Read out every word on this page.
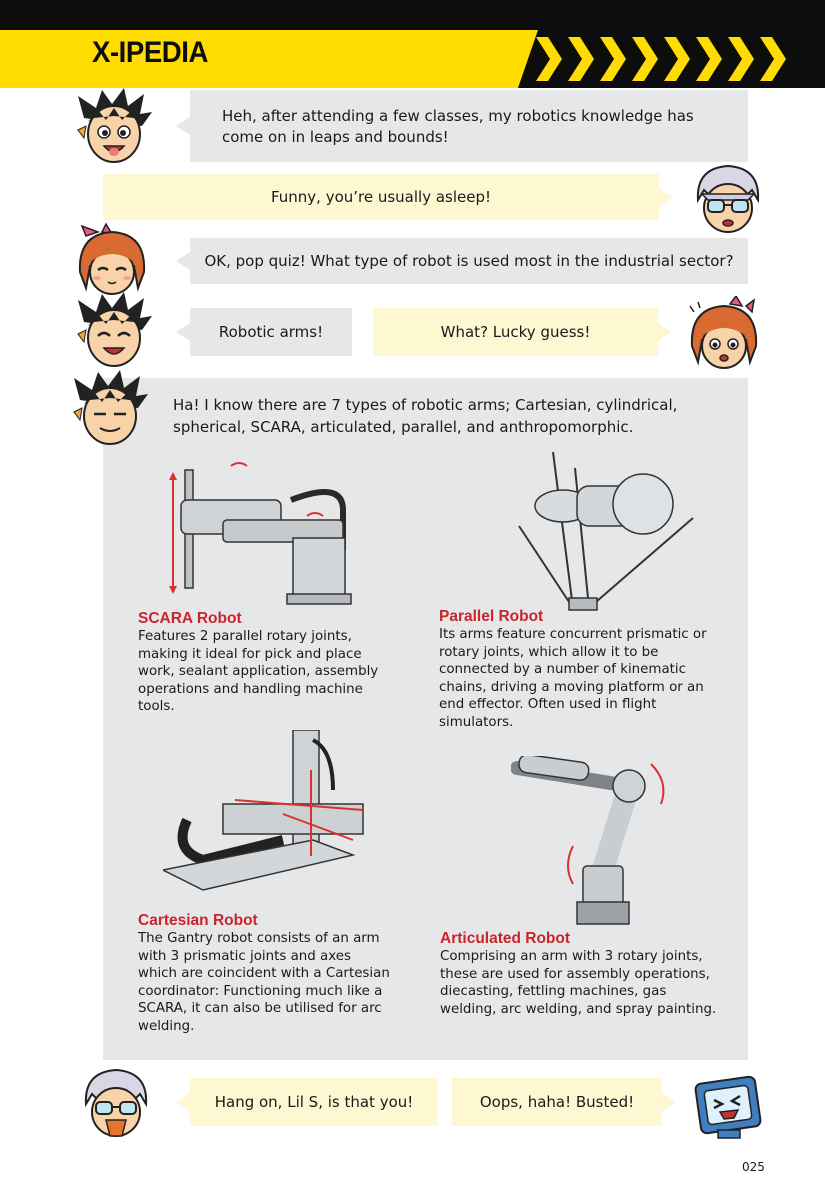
X-IPEDIA
Heh, after attending a few classes, my robotics knowledge has come on in leaps and bounds!
Funny, you’re usually asleep!
OK, pop quiz! What type of robot is used most in the industrial sector?
Robotic arms!	What? Lucky guess!
Ha! I know there are 7 types of robotic arms; Cartesian, cylindrical, spherical, SCARA, articulated, parallel, and anthropomorphic.
SCARA Robot
Features 2 parallel rotary joints, making it ideal for pick and place work, sealant application, assembly operations and handling machine tools.
Parallel Robot
Its arms feature concurrent prismatic or rotary joints, which allow it to be connected by a number of kinematic chains, driving a moving platform or an end effector. Often used in flight simulators.
Cartesian Robot
The Gantry robot consists of an arm with 3 prismatic joints and axes which are coincident with a Cartesian coordinator: Functioning much like a SCARA, it can also be utilised for arc welding.
Articulated Robot
Comprising an arm with 3 rotary joints, these are used for assembly operations, diecasting, fettling machines, gas welding, arc welding, and spray painting.
Hang on, Lil S, is that you!	Oops, haha! Busted!
025
